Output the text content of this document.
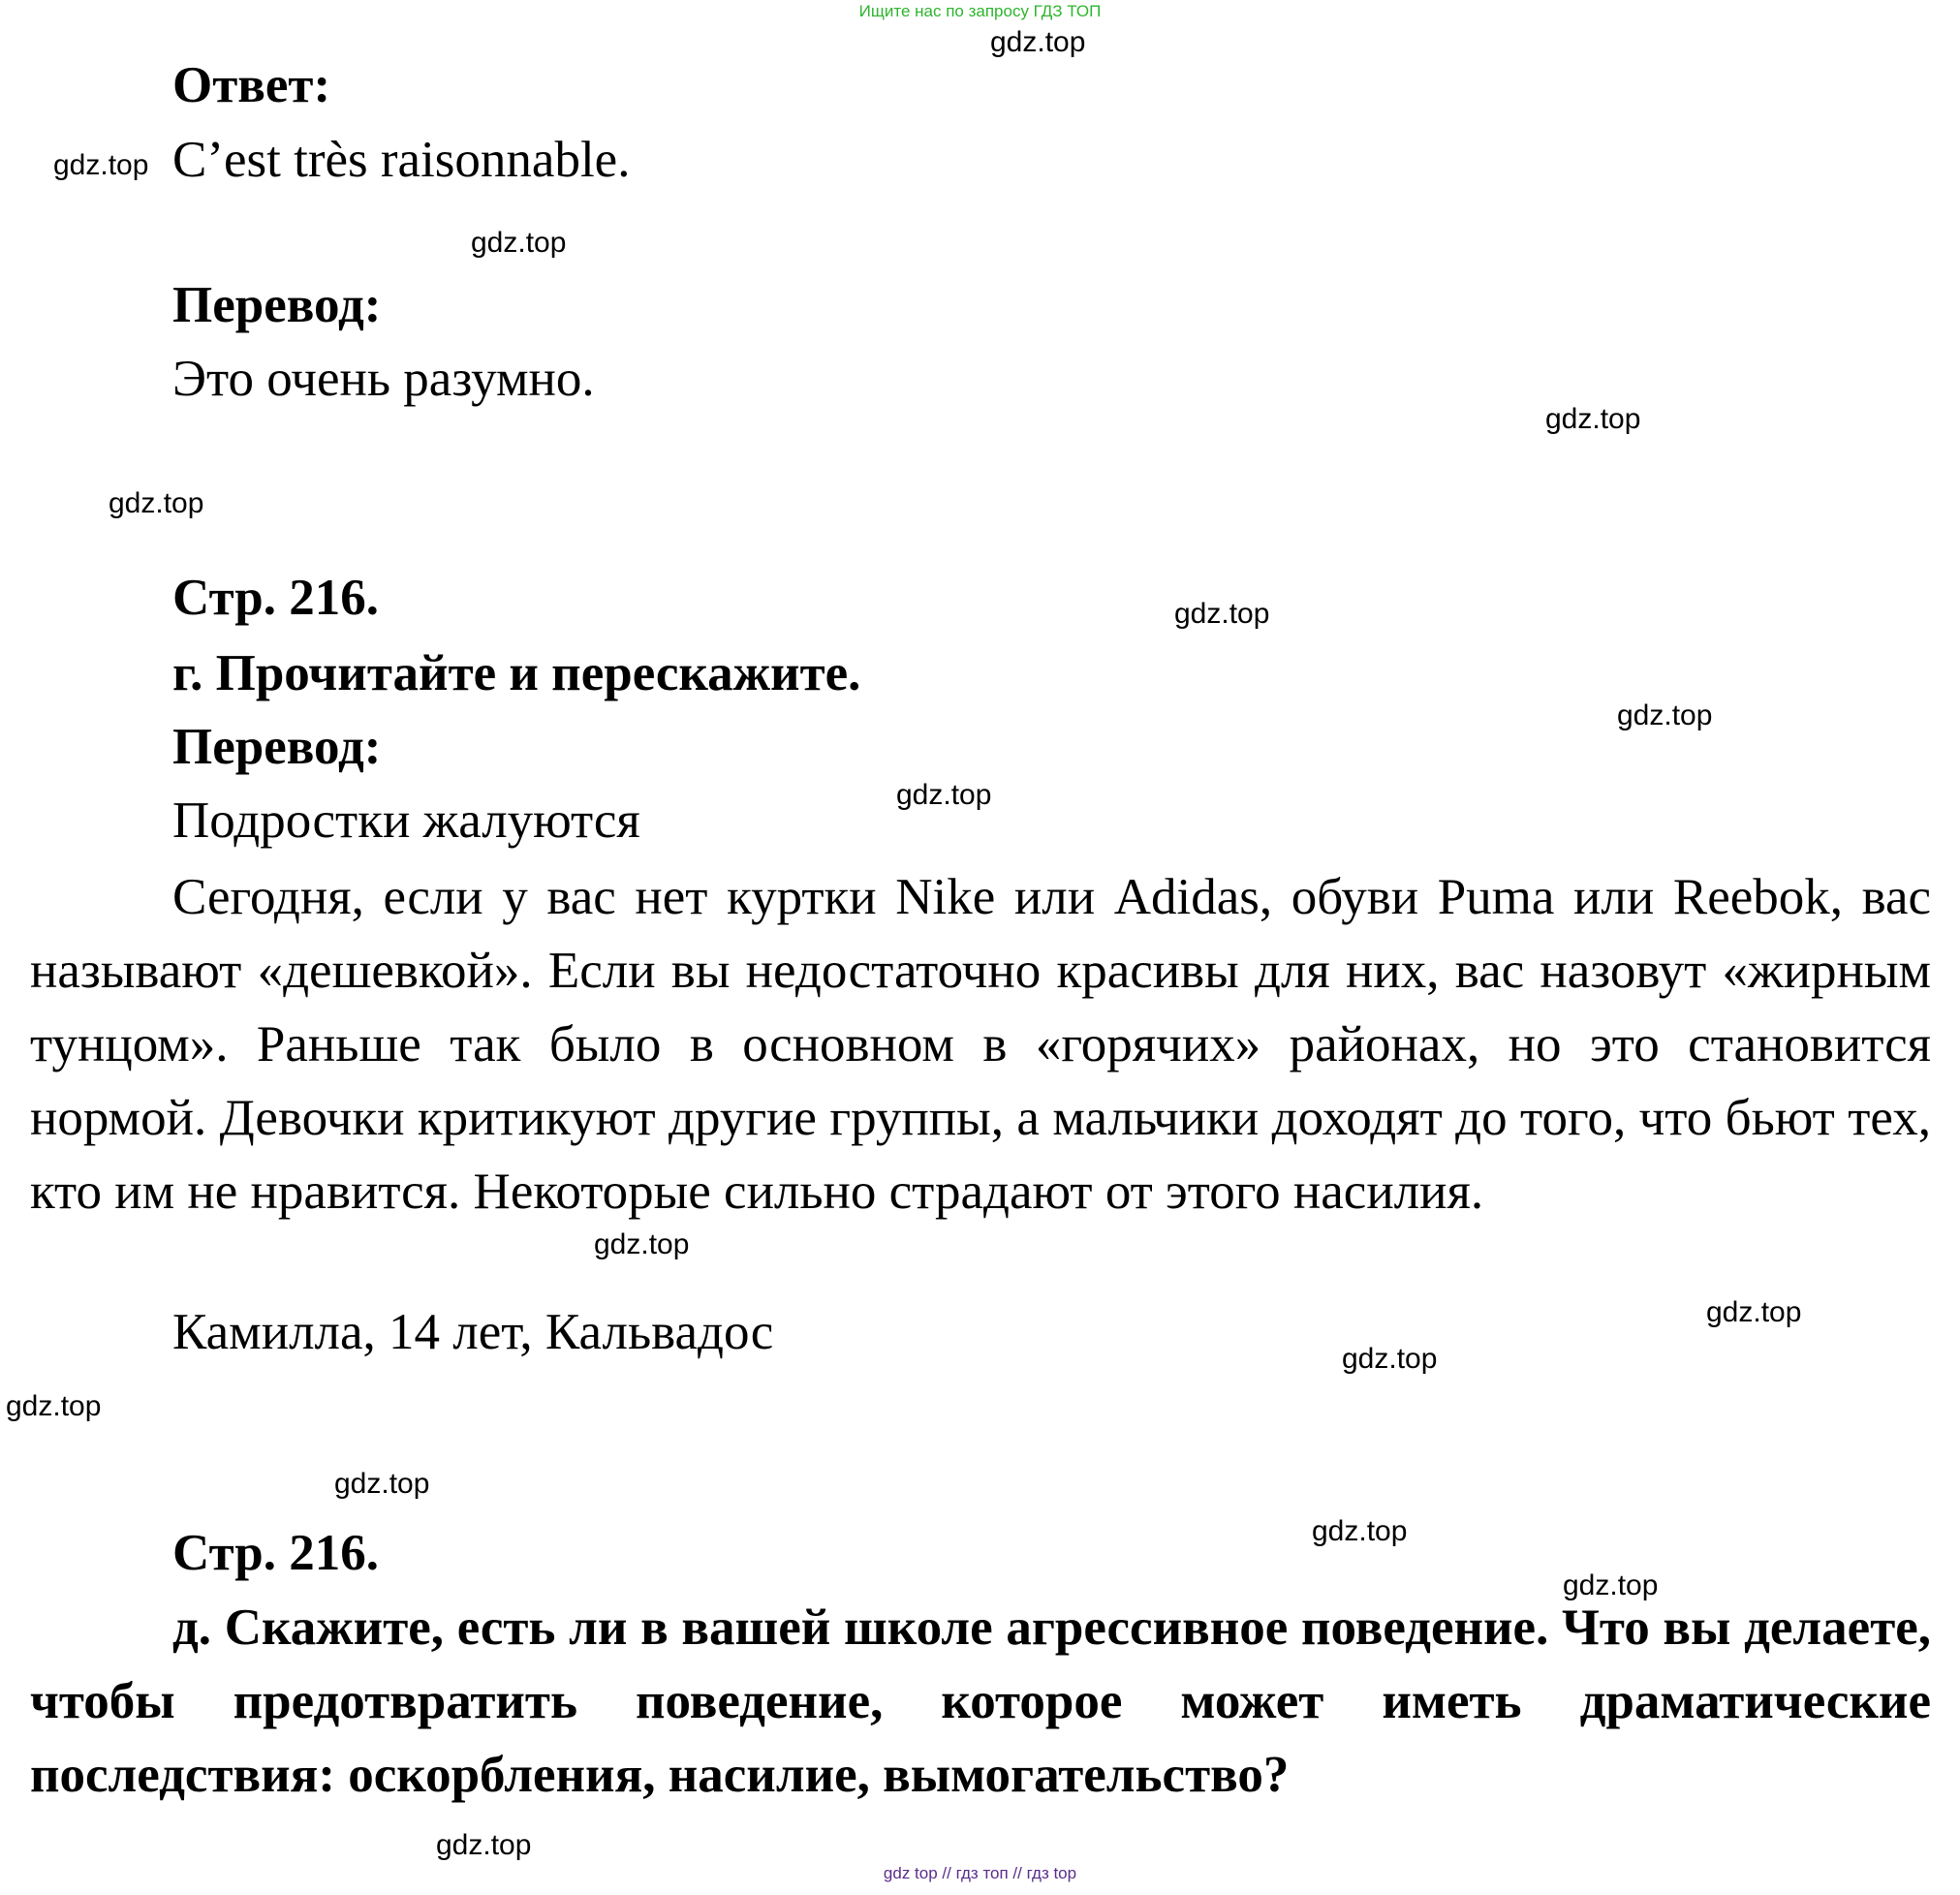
Ищите нас по запросу ГДЗ ТОП
Ответ:
C’est très raisonnable.
Перевод:
Это очень разумно.
Стр. 216.
г. Прочитайте и перескажите.
Перевод:
Подростки жалуются

Сегодня, если у вас нет куртки Nike или Adidas, обуви Puma или Reebok, вас называют «дешевкой». Если вы недостаточно красивы для них, вас назовут «жирным тунцом». Раньше так было в основном в «горячих» районах, но это становится нормой. Девочки критикуют другие группы, а мальчики доходят до того, что бьют тех, кто им не нравится. Некоторые сильно страдают от этого насилия.

Камилла, 14 лет, Кальвадос
Стр. 216.

д. Скажите, есть ли в вашей школе агрессивное поведение. Что вы делаете, чтобы предотвратить поведение, которое может иметь драматические последствия: оскорбления, насилие, вымогательство?

gdz.top
gdz.top
gdz.top
gdz.top
gdz.top
gdz.top
gdz.top
gdz.top
gdz.top
gdz.top
gdz.top
gdz.top
gdz.top
gdz.top
gdz.top
gdz.top
gdz top // гдз топ // гдз top
